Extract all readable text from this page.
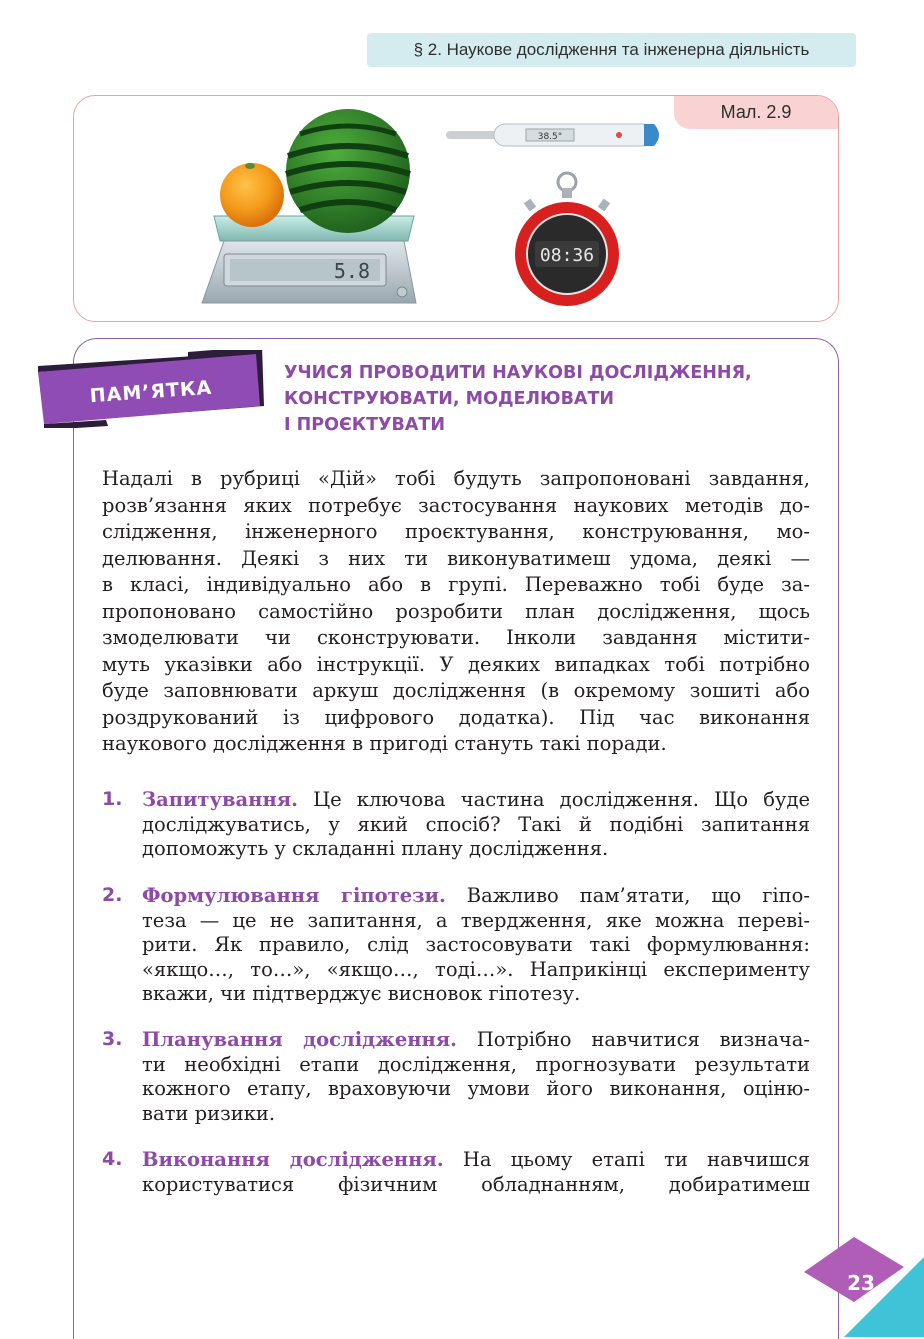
§ 2. Наукове дослідження та інженерна діяльність
Мал. 2.9
5.8
38.5°
08:36
ПАМ’ЯТКА
УЧИСЯ ПРОВОДИТИ НАУКОВІ ДОСЛІДЖЕННЯ,
КОНСТРУЮВАТИ, МОДЕЛЮВАТИ
І ПРОЄКТУВАТИ
Надалі в рубриці «Дій» тобі будуть запропоновані завдання,
розв’язання яких потребує застосування наукових методів до-
слідження, інженерного проєктування, конструювання, мо-
делювання. Деякі з них ти виконуватимеш удома, деякі —
в класі, індивідуально або в групі. Переважно тобі буде за-
пропоновано самостійно розробити план дослідження, щось
змоделювати чи сконструювати. Інколи завдання містити-
муть указівки або інструкції. У деяких випадках тобі потрібно
буде заповнювати аркуш дослідження (в окремому зошиті або
роздрукований із цифрового додатка). Під час виконання
наукового дослідження в пригоді стануть такі поради.
1. Запитування. Це ключова частина дослідження. Що буде
досліджуватись, у який спосіб? Такі й подібні запитання
допоможуть у складанні плану дослідження.
2. Формулювання гіпотези. Важливо пам’ятати, що гіпо-
теза — це не запитання, а твердження, яке можна переві-
рити. Як правило, слід застосовувати такі формулювання:
«якщо…, то…», «якщо…, тоді…». Наприкінці експерименту
вкажи, чи підтверджує висновок гіпотезу.
3. Планування дослідження. Потрібно навчитися визнача-
ти необхідні етапи дослідження, прогнозувати результати
кожного етапу, враховуючи умови його виконання, оціню-
вати ризики.
4. Виконання дослідження. На цьому етапі ти навчишся
користуватися фізичним обладнанням, добиратимеш
23
